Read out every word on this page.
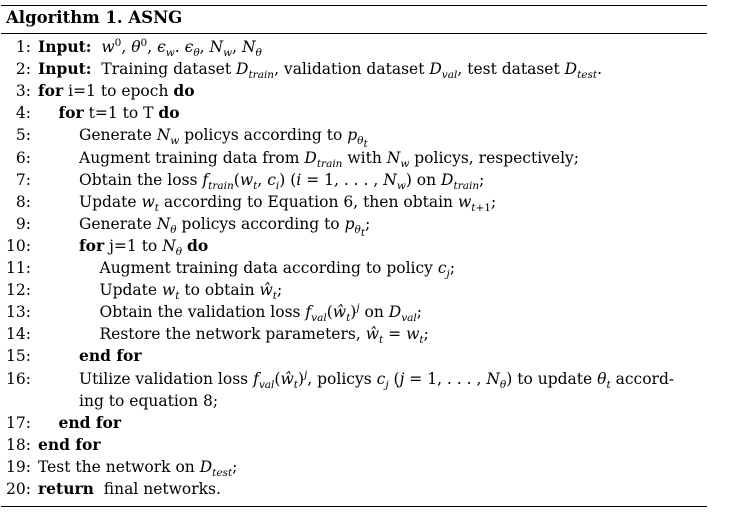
Algorithm 1. ASNG
1: Input: $w^0$, $\theta^0$, $\epsilon_w$. $\epsilon_\theta$, $N_w$, $N_\theta$
2: Input:  Training dataset $D_{train}$, validation dataset $D_{val}$, test dataset $D_{test}$.
3: for i=1 to epoch do
4: for t=1 to T do
5:	Generate $N_w$ policys according to $p_{\theta_t}$
6:	Augment training data from $D_{train}$ with $N_w$ policys, respectively;
7:	Obtain the loss $f_{train}(w_t$, $c_i$) (i = 1, . . . , $N_w$) on $D_{train}$;
8:	Update $w_t$ according to Equation 6, then obtain $w_{t+1}$;
9:	Generate $N_\theta$ policys according to $p_{\theta_t}$;
10:	for j=1 to $N_\theta$ do
11:	Augment training data according to policy $c_j$;
12:	Update $w_t$ to obtain $ŵ_t$;
13:	Obtain the validation loss $f_{val}(ŵ_t)^j$ on $D_{val}$;
14:	Restore the network parameters, $ŵ_t = w_t$;
15:	end for
16:	Utilize validation loss $f_{val}(ŵ_t)^j$, policys $c_j$ (j = 1, . . . , $N_\theta$) to update $\theta_t$ accord-
ing to equation 8;
17: end for
18: end for
19: Test the network on $D_{test}$;
20: return  final networks.
